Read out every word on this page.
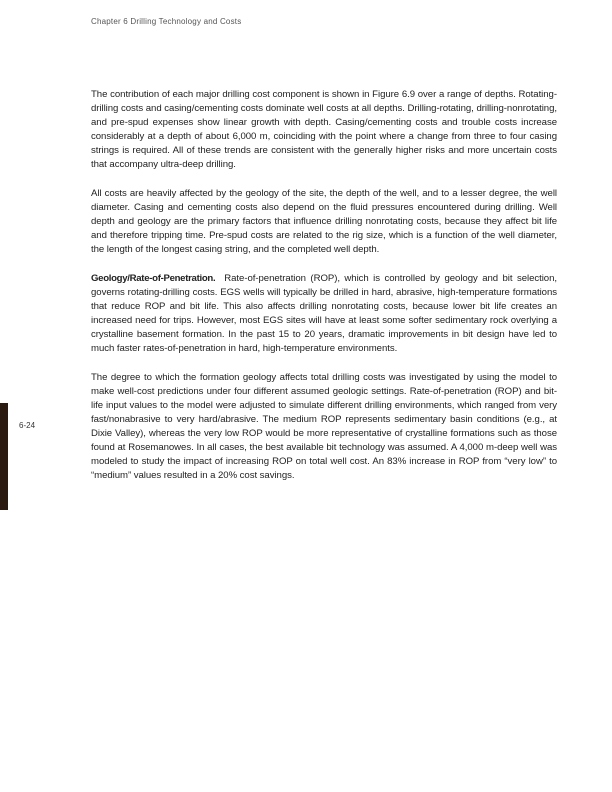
Chapter 6 Drilling Technology and Costs

The contribution of each major drilling cost component is shown in Figure 6.9 over a range of depths. Rotating-drilling costs and casing/cementing costs dominate well costs at all depths. Drilling-rotating, drilling-nonrotating, and pre-spud expenses show linear growth with depth. Casing/cementing costs and trouble costs increase considerably at a depth of about 6,000 m, coinciding with the point where a change from three to four casing strings is required. All of these trends are consistent with the generally higher risks and more uncertain costs that accompany ultra-deep drilling.

All costs are heavily affected by the geology of the site, the depth of the well, and to a lesser degree, the well diameter. Casing and cementing costs also depend on the fluid pressures encountered during drilling. Well depth and geology are the primary factors that influence drilling nonrotating costs, because they affect bit life and therefore tripping time. Pre-spud costs are related to the rig size, which is a function of the well diameter, the length of the longest casing string, and the completed well depth.

Geology/Rate-of-Penetration. Rate-of-penetration (ROP), which is controlled by geology and bit selection, governs rotating-drilling costs. EGS wells will typically be drilled in hard, abrasive, high-temperature formations that reduce ROP and bit life. This also affects drilling nonrotating costs, because lower bit life creates an increased need for trips. However, most EGS sites will have at least some softer sedimentary rock overlying a crystalline basement formation. In the past 15 to 20 years, dramatic improvements in bit design have led to much faster rates-of-penetration in hard, high-temperature environments.

The degree to which the formation geology affects total drilling costs was investigated by using the model to make well-cost predictions under four different assumed geologic settings. Rate-of-penetration (ROP) and bit-life input values to the model were adjusted to simulate different drilling environments, which ranged from very fast/nonabrasive to very hard/abrasive. The medium ROP represents sedimentary basin conditions (e.g., at Dixie Valley), whereas the very low ROP would be more representative of crystalline formations such as those found at Rosemanowes. In all cases, the best available bit technology was assumed. A 4,000 m-deep well was modeled to study the impact of increasing ROP on total well cost. An 83% increase in ROP from “very low” to “medium” values resulted in a 20% cost savings.

6-24
